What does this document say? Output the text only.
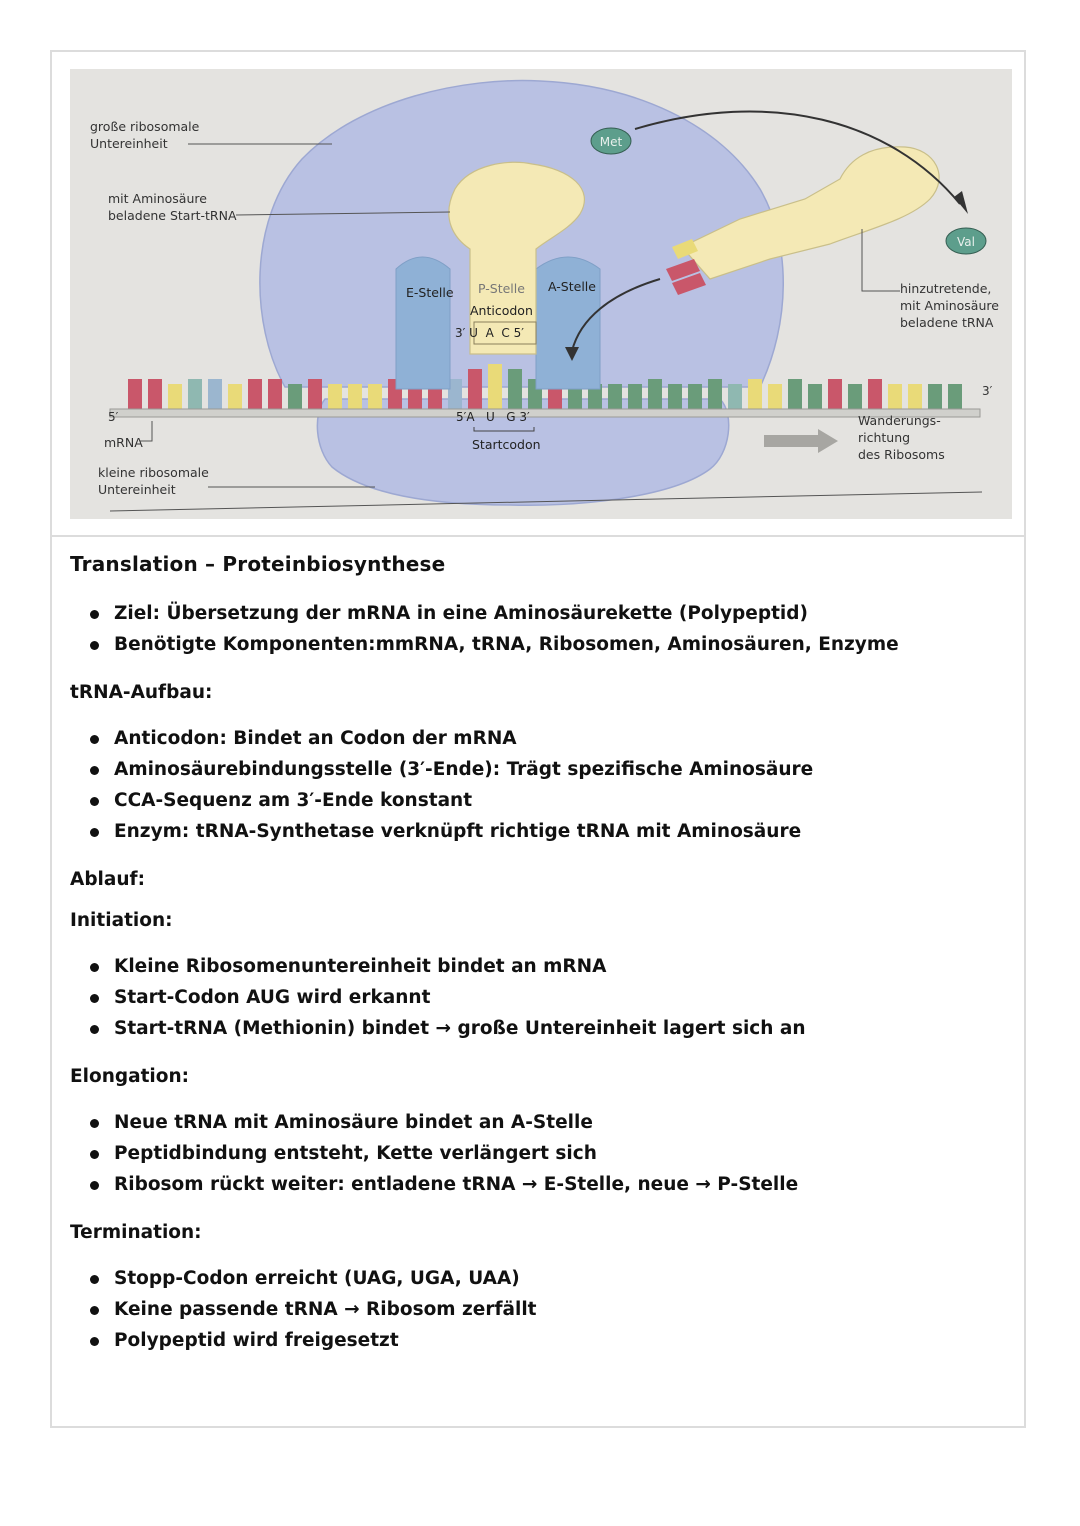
Met
Val
große ribosomale Untereinheit
mit Aminosäure beladene Start-tRNA
hinzutretende, mit Aminosäure beladene tRNA
5′
3′
mRNA
kleine ribosomale Untereinheit
Wanderungs- richtung des Ribosoms
E-Stelle P-Stelle A-Stelle
Anticodon
3′ U  A  C 5′
5′A   U   G 3′
Startcodon
Translation – Proteinbiosynthese
Ziel: Übersetzung der mRNA in eine Aminosäurekette (Polypeptid)
Benötigte Komponenten:mmRNA, tRNA, Ribosomen, Aminosäuren, Enzyme
tRNA-Aufbau:
Anticodon: Bindet an Codon der mRNA
Aminosäurebindungsstelle (3′-Ende): Trägt spezifische Aminosäure
CCA-Sequenz am 3′-Ende konstant
Enzym: tRNA-Synthetase verknüpft richtige tRNA mit Aminosäure
Ablauf:
Initiation:
Kleine Ribosomenuntereinheit bindet an mRNA
Start-Codon AUG wird erkannt
Start-tRNA (Methionin) bindet → große Untereinheit lagert sich an
Elongation:
Neue tRNA mit Aminosäure bindet an A-Stelle
Peptidbindung entsteht, Kette verlängert sich
Ribosom rückt weiter: entladene tRNA → E-Stelle, neue → P-Stelle
Termination:
Stopp-Codon erreicht (UAG, UGA, UAA)
Keine passende tRNA → Ribosom zerfällt
Polypeptid wird freigesetzt
